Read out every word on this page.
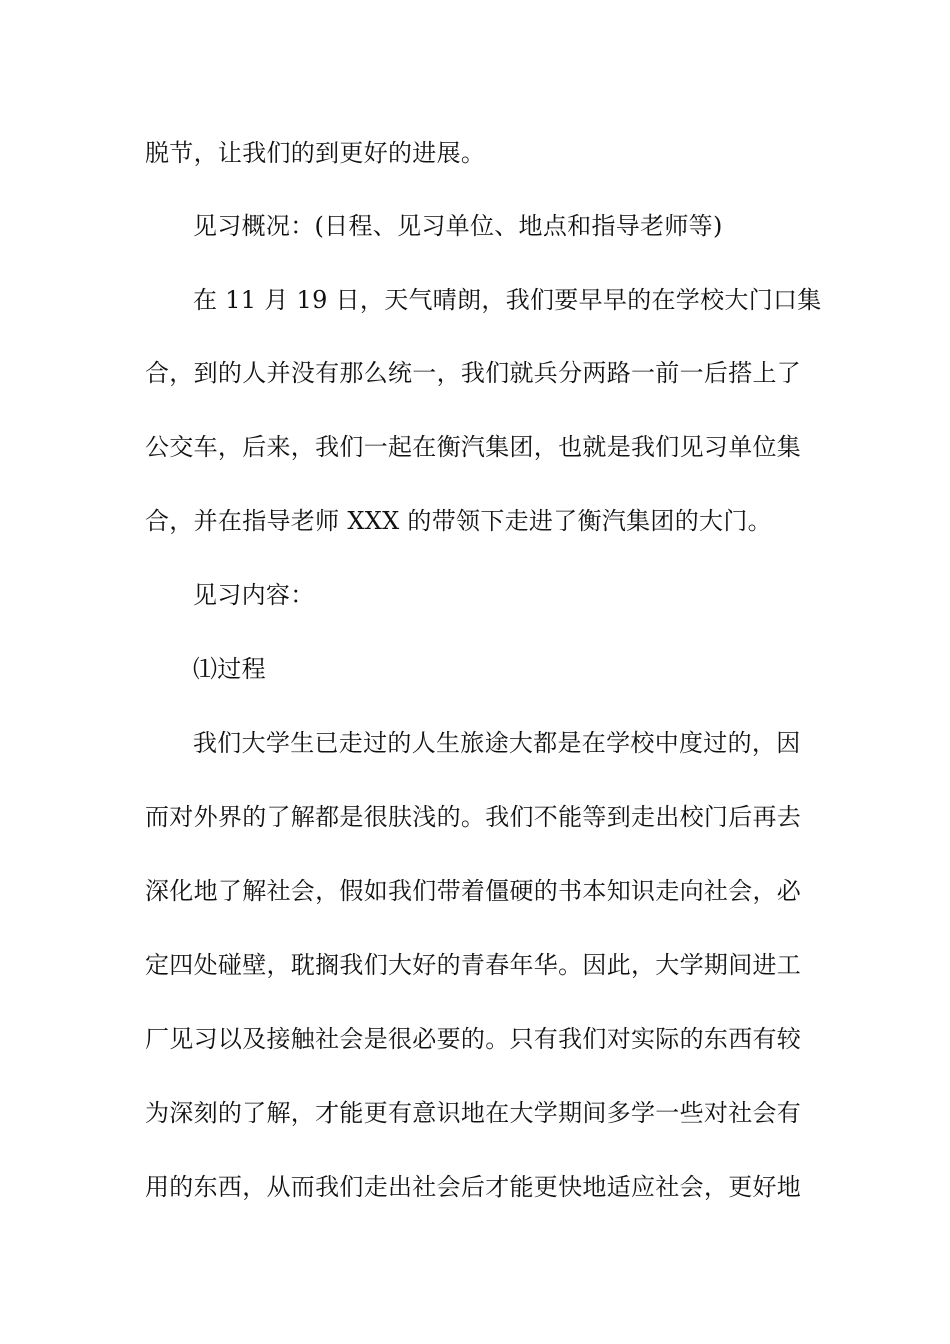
脱节，让我们的到更好的进展。
见习概况：(日程、见习单位、地点和指导老师等)
在 11 月 19 日，天气晴朗，我们要早早的在学校大门口集
合，到的人并没有那么统一，我们就兵分两路一前一后搭上了
公交车，后来，我们一起在衡汽集团，也就是我们见习单位集
合，并在指导老师 XXX 的带领下走进了衡汽集团的大门。
见习内容：
⑴过程
我们大学生已走过的人生旅途大都是在学校中度过的，因
而对外界的了解都是很肤浅的。我们不能等到走出校门后再去
深化地了解社会，假如我们带着僵硬的书本知识走向社会，必
定四处碰壁，耽搁我们大好的青春年华。因此，大学期间进工
厂见习以及接触社会是很必要的。只有我们对实际的东西有较
为深刻的了解，才能更有意识地在大学期间多学一些对社会有
用的东西，从而我们走出社会后才能更快地适应社会，更好地
